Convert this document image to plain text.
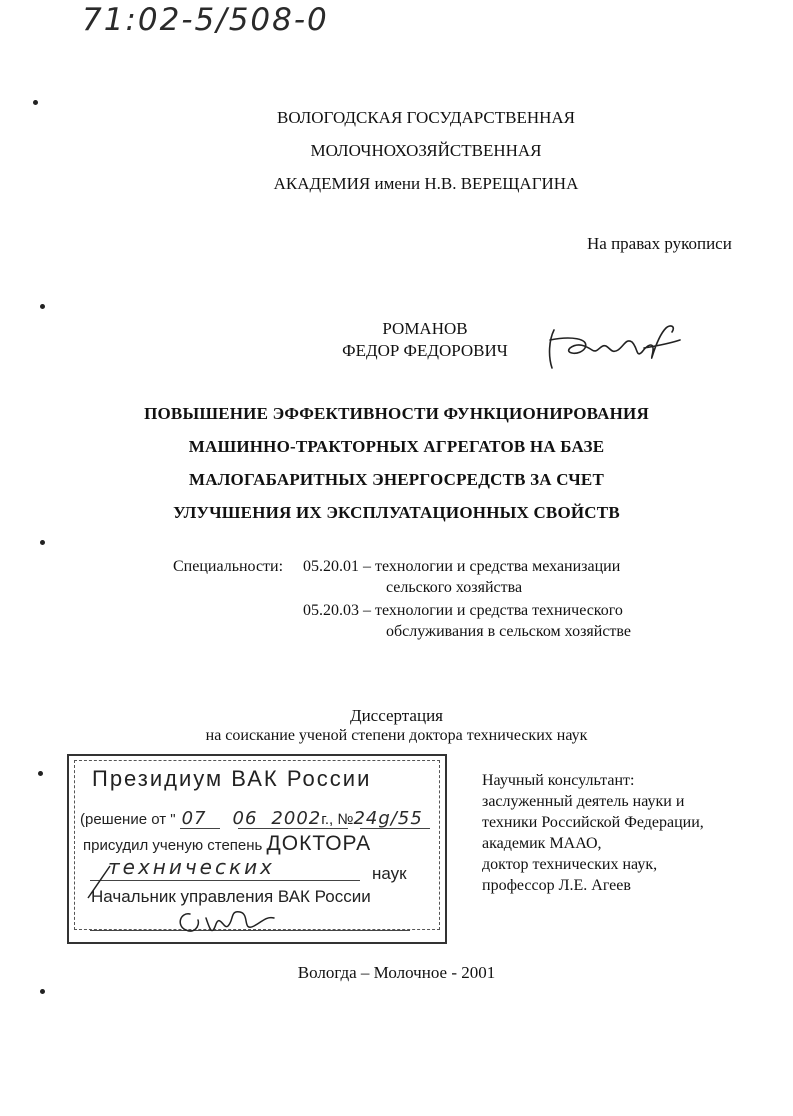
71:02-5/508-0
ВОЛОГОДСКАЯ ГОСУДАРСТВЕННАЯ
МОЛОЧНОХОЗЯЙСТВЕННАЯ
АКАДЕМИЯ имени Н.В. ВЕРЕЩАГИНА
На правах рукописи
РОМАНОВ
ФЕДОР ФЕДОРОВИЧ
ПОВЫШЕНИЕ ЭФФЕКТИВНОСТИ ФУНКЦИОНИРОВАНИЯ
МАШИННО-ТРАКТОРНЫХ АГРЕГАТОВ НА БАЗЕ
МАЛОГАБАРИТНЫХ ЭНЕРГОСРЕДСТВ ЗА СЧЕТ
УЛУЧШЕНИЯ ИХ ЭКСПЛУАТАЦИОННЫХ СВОЙСТВ
Специальности: 05.20.01 – технологии и средства механизации
сельского хозяйства
05.20.03 – технологии и средства технического
обслуживания в сельском хозяйстве
Диссертация
на соискание ученой степени доктора технических наук
Президиум ВАК России
(решение от " 07 06 2002г., №24g/55
присудил ученую степень ДОКТОРА
технических	наук
Начальник управления ВАК России
Научный консультант:
заслуженный деятель науки и
техники Российской Федерации,
академик МААО,
доктор технических наук,
профессор Л.Е. Агеев
Вологда – Молочное - 2001
